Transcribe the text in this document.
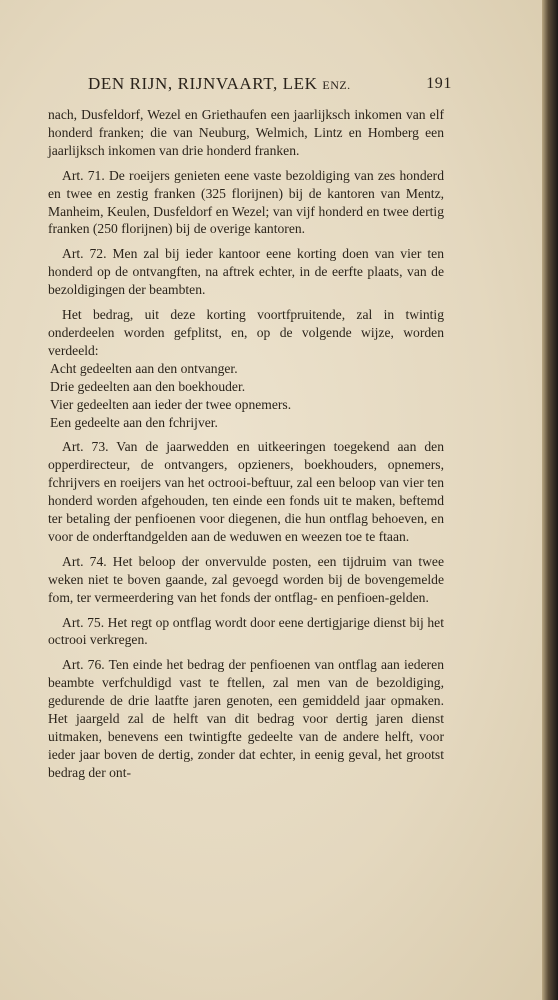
DEN RIJN, RIJNVAART, LEK ENZ.	191

nach, Dusfeldorf, Wezel en Griethaufen een jaarlijksch inkomen van elf honderd franken; die van Neuburg, Welmich, Lintz en Homberg een jaarlijksch inkomen van drie honderd franken.

Art. 71. De roeijers genieten eene vaste bezoldiging van zes honderd en twee en zestig franken (325 florijnen) bij de kantoren van Mentz, Manheim, Keulen, Dusfeldorf en Wezel; van vijf honderd en twee dertig franken (250 florijnen) bij de overige kantoren.

Art. 72. Men zal bij ieder kantoor eene korting doen van vier ten honderd op de ontvangften, na aftrek echter, in de eerfte plaats, van de bezoldigingen der beambten.

Het bedrag, uit deze korting voortfpruitende, zal in twintig onderdeelen worden gefplitst, en, op de volgende wijze, worden verdeeld:

Acht gedeelten aan den ontvanger.
Drie gedeelten aan den boekhouder.
Vier gedeelten aan ieder der twee opnemers.
Een gedeelte aan den fchrijver.

Art. 73. Van de jaarwedden en uitkeeringen toegekend aan den opperdirecteur, de ontvangers, opzieners, boekhouders, opnemers, fchrijvers en roeijers van het octrooi-beftuur, zal een beloop van vier ten honderd worden afgehouden, ten einde een fonds uit te maken, beftemd ter betaling der penfioenen voor diegenen, die hun ontflag behoeven, en voor de onderftandgelden aan de weduwen en weezen toe te ftaan.

Art. 74. Het beloop der onvervulde posten, een tijdruim van twee weken niet te boven gaande, zal gevoegd worden bij de bovengemelde fom, ter vermeerdering van het fonds der ontflag- en penfioen-gelden.

Art. 75. Het regt op ontflag wordt door eene dertigjarige dienst bij het octrooi verkregen.

Art. 76. Ten einde het bedrag der penfioenen van ontflag aan iederen beambte verfchuldigd vast te ftellen, zal men van de bezoldiging, gedurende de drie laatfte jaren genoten, een gemiddeld jaar opmaken. Het jaargeld zal de helft van dit bedrag voor dertig jaren dienst uitmaken, benevens een twintigfte gedeelte van de andere helft, voor ieder jaar boven de dertig, zonder dat echter, in eenig geval, het grootst bedrag der ont-
